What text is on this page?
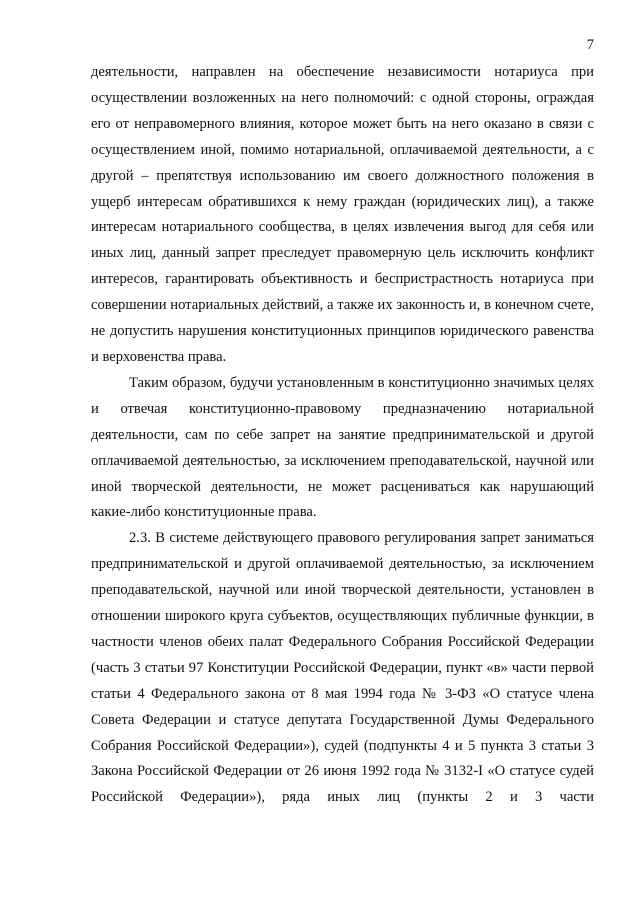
7

деятельности, направлен на обеспечение независимости нотариуса при осуществлении возложенных на него полномочий: с одной стороны, ограждая его от неправомерного влияния, которое может быть на него оказано в связи с осуществлением иной, помимо нотариальной, оплачиваемой деятельности, а с другой – препятствуя использованию им своего должностного положения в ущерб интересам обратившихся к нему граждан (юридических лиц), а также интересам нотариального сообщества, в целях извлечения выгод для себя или иных лиц, данный запрет преследует правомерную цель исключить конфликт интересов, гарантировать объективность и беспристрастность нотариуса при совершении нотариальных действий, а также их законность и, в конечном счете, не допустить нарушения конституционных принципов юридического равенства и верховенства права.

Таким образом, будучи установленным в конституционно значимых целях и отвечая конституционно-правовому предназначению нотариальной деятельности, сам по себе запрет на занятие предпринимательской и другой оплачиваемой деятельностью, за исключением преподавательской, научной или иной творческой деятельности, не может расцениваться как нарушающий какие-либо конституционные права.

2.3. В системе действующего правового регулирования запрет заниматься предпринимательской и другой оплачиваемой деятельностью, за исключением преподавательской, научной или иной творческой деятельности, установлен в отношении широкого круга субъектов, осуществляющих публичные функции, в частности членов обеих палат Федерального Собрания Российской Федерации (часть 3 статьи 97 Конституции Российской Федерации, пункт «в» части первой статьи 4 Федерального закона от 8 мая 1994 года № 3-ФЗ «О статусе члена Совета Федерации и статусе депутата Государственной Думы Федерального Собрания Российской Федерации»), судей (подпункты 4 и 5 пункта 3 статьи 3 Закона Российской Федерации от 26 июня 1992 года № 3132-I «О статусе судей Российской Федерации»), ряда иных лиц (пункты 2 и 3 части
